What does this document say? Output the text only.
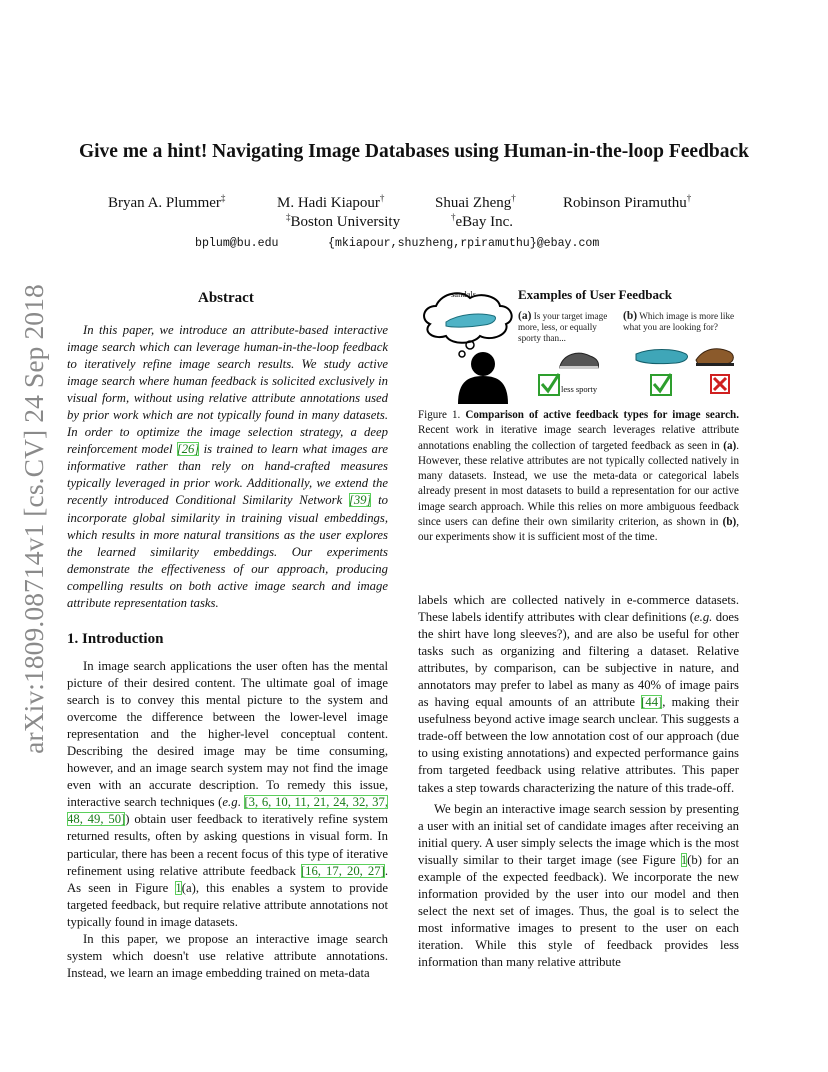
arXiv:1809.08714v1 [cs.CV] 24 Sep 2018
Give me a hint! Navigating Image Databases using Human-in-the-loop Feedback
Bryan A. Plummer‡	M. Hadi Kiapour†	Shuai Zheng†	Robinson Piramuthu†
‡Boston University	†eBay Inc.
bplum@bu.edu	{mkiapour,shuzheng,rpiramuthu}@ebay.com
Abstract

In this paper, we introduce an attribute-based interactive image search which can leverage human-in-the-loop feedback to iteratively refine image search results. We study active image search where human feedback is solicited exclusively in visual form, without using relative attribute annotations used by prior work which are not typically found in many datasets. In order to optimize the image selection strategy, a deep reinforcement model [26] is trained to learn what images are informative rather than rely on hand-crafted measures typically leveraged in prior work. Additionally, we extend the recently introduced Conditional Similarity Network [39] to incorporate global similarity in training visual embeddings, which results in more natural transitions as the user explores the learned similarity embeddings. Our experiments demonstrate the effectiveness of our approach, producing compelling results on both active image search and image attribute representation tasks.

1. Introduction

In image search applications the user often has the mental picture of their desired content. The ultimate goal of image search is to convey this mental picture to the system and overcome the difference between the lower-level image representation and the higher-level conceptual content. Describing the desired image may be time consuming, however, and an image search system may not find the image even with an accurate description. To remedy this issue, interactive search techniques (e.g. [3, 6, 10, 11, 21, 24, 32, 37, 48, 49, 50]) obtain user feedback to iteratively refine system returned results, often by asking questions in visual form. In particular, there has been a recent focus of this type of iterative refinement using relative attribute feedback [16, 17, 20, 27]. As seen in Figure 1(a), this enables a system to provide targeted feedback, but require relative attribute annotations not typically found in image datasets.

In this paper, we propose an interactive image search system which doesn't use relative attribute annotations. Instead, we learn an image embedding trained on meta-data

sandals	Examples of User Feedback
(a) Is your target image more, less, or equally sporty than...
(b) Which image is more like what you are looking for?
less sporty
Figure 1. Comparison of active feedback types for image search. Recent work in iterative image search leverages relative attribute annotations enabling the collection of targeted feedback as seen in (a). However, these relative attributes are not typically collected natively in many datasets. Instead, we use the meta-data or categorical labels already present in most datasets to build a representation for our active image search approach. While this relies on more ambiguous feedback since users can define their own similarity criterion, as shown in (b), our experiments show it is sufficient most of the time.

labels which are collected natively in e-commerce datasets. These labels identify attributes with clear definitions (e.g. does the shirt have long sleeves?), and are also be useful for other tasks such as organizing and filtering a dataset. Relative attributes, by comparison, can be subjective in nature, and annotators may prefer to label as many as 40% of image pairs as having equal amounts of an attribute [44], making their usefulness beyond active image search unclear. This suggests a trade-off between the low annotation cost of our approach (due to using existing annotations) and expected performance gains from targeted feedback using relative attributes. This paper takes a step towards characterizing the nature of this trade-off.

We begin an interactive image search session by presenting a user with an initial set of candidate images after receiving an initial query. A user simply selects the image which is the most visually similar to their target image (see Figure 1(b) for an example of the expected feedback). We incorporate the new information provided by the user into our model and then select the next set of images. Thus, the goal is to select the most informative images to present to the user on each iteration. While this style of feedback provides less information than many relative attribute
